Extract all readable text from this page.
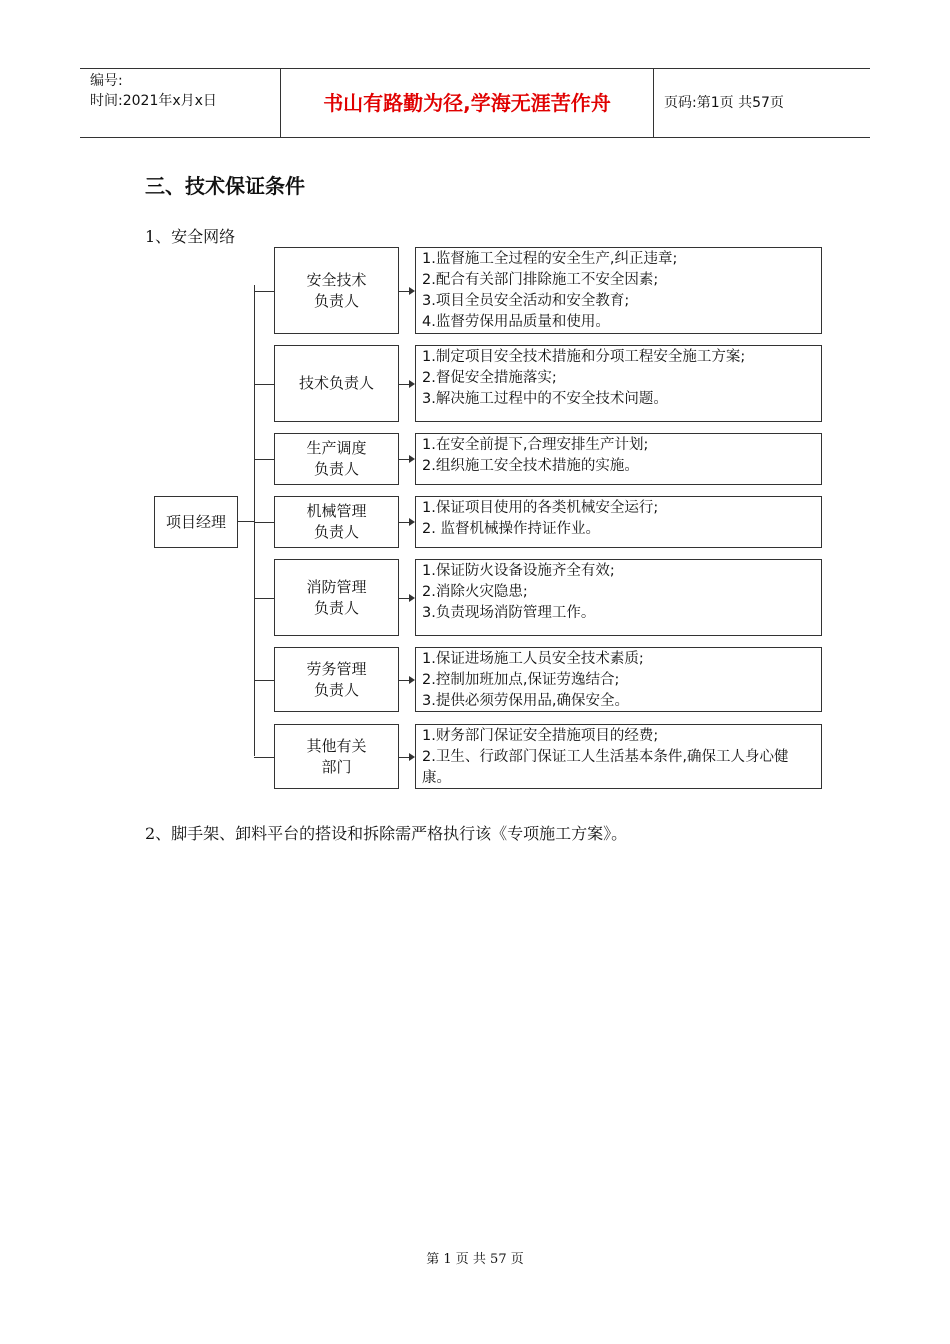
编号:
时间:2021年x月x日	书山有路勤为径,学海无涯苦作舟	页码:第1页 共57页
三、技术保证条件
1、安全网络
项目经理
安全技术
负责人
1.监督施工全过程的安全生产,纠正违章;
2.配合有关部门排除施工不安全因素;
3.项目全员安全活动和安全教育;
4.监督劳保用品质量和使用。
技术负责人
1.制定项目安全技术措施和分项工程安全施工方案;
2.督促安全措施落实;
3.解决施工过程中的不安全技术问题。
生产调度
负责人
1.在安全前提下,合理安排生产计划;
2.组织施工安全技术措施的实施。
机械管理
负责人
1.保证项目使用的各类机械安全运行;
2. 监督机械操作持证作业。
消防管理
负责人
1.保证防火设备设施齐全有效;
2.消除火灾隐患;
3.负责现场消防管理工作。
劳务管理
负责人
1.保证进场施工人员安全技术素质;
2.控制加班加点,保证劳逸结合;
3.提供必须劳保用品,确保安全。
其他有关
部门
1.财务部门保证安全措施项目的经费;
2.卫生、行政部门保证工人生活基本条件,确保工人身心健康。
2、脚手架、卸料平台的搭设和拆除需严格执行该《专项施工方案》。
第 1 页 共 57 页
